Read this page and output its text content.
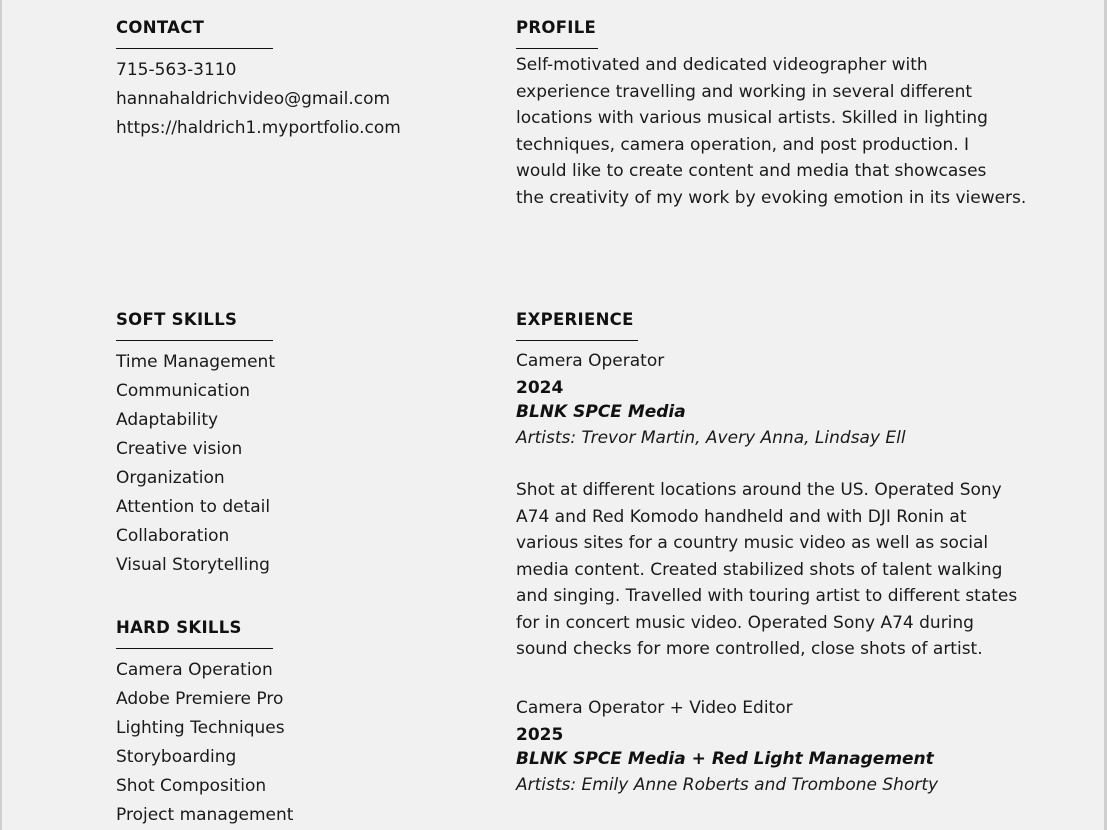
CONTACT

715-563-3110

hannahaldrichvideo@gmail.com

https://haldrich1.myportfolio.com

PROFILE

Self-motivated and dedicated videographer with

experience travelling and working in several different

locations with various musical artists. Skilled in lighting

techniques, camera operation, and post production. I

would like to create content and media that showcases

the creativity of my work by evoking emotion in its viewers.

SOFT SKILLS
Time Management
Communication
Adaptability
Creative vision
Organization
Attention to detail
Collaboration
Visual Storytelling
HARD SKILLS
Camera Operation
Adobe Premiere Pro
Lighting Techniques
Storyboarding
Shot Composition
Project management
EXPERIENCE

Camera Operator

2024

BLNK SPCE Media

Artists: Trevor Martin, Avery Anna, Lindsay Ell

Shot at different locations around the US. Operated Sony

A74 and Red Komodo handheld and with DJI Ronin at

various sites for a country music video as well as social

media content. Created stabilized shots of talent walking

and singing. Travelled with touring artist to different states

for in concert music video. Operated Sony A74 during

sound checks for more controlled, close shots of artist.

Camera Operator + Video Editor

2025

BLNK SPCE Media + Red Light Management

Artists: Emily Anne Roberts and Trombone Shorty
